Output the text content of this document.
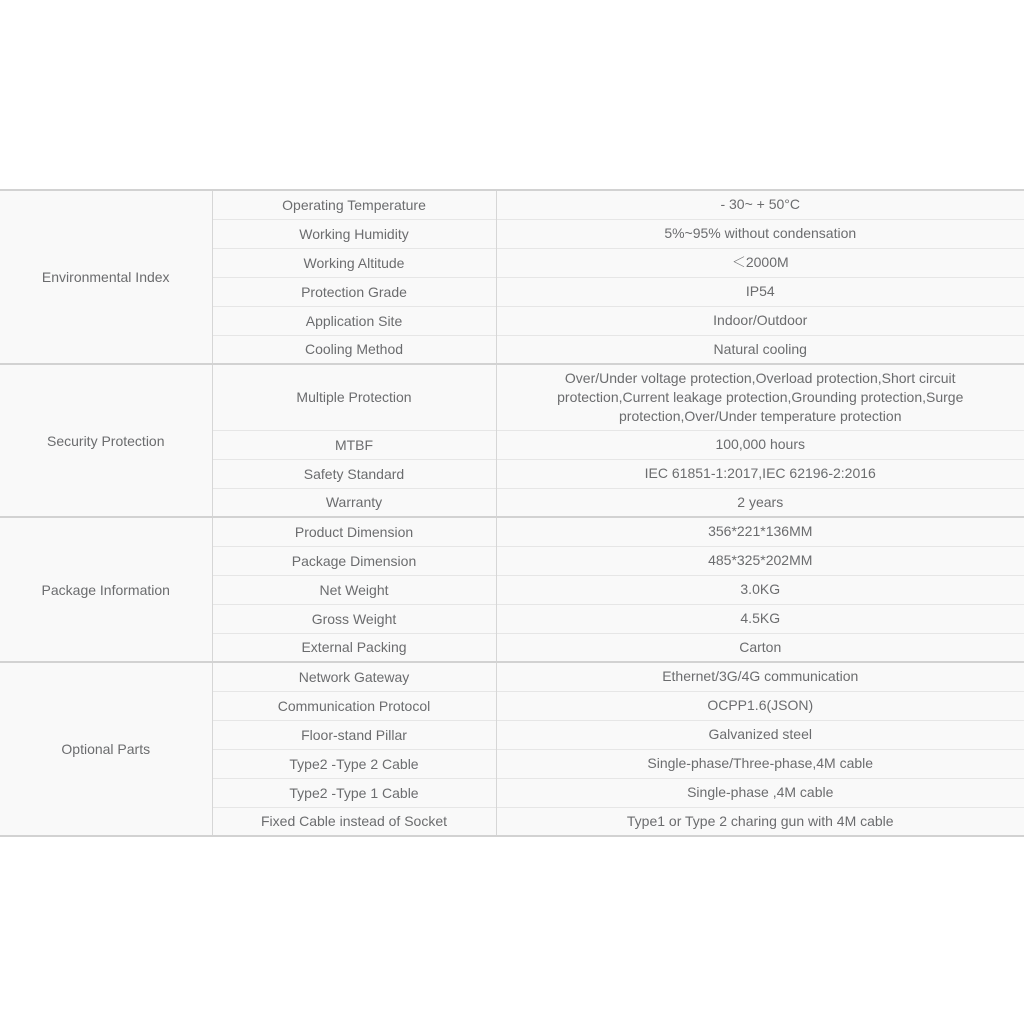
Environmental Index	Operating Temperature	- 30~ + 50°C

	Working Humidity	5%~95% without condensation

	Working Altitude	＜2000M

	Protection Grade	IP54

	Application Site	Indoor/Outdoor

	Cooling Method	Natural cooling

Security Protection	Multiple Protection	Over/Under voltage protection,Overload protection,Short circuit protection,Current leakage protection,Grounding protection,Surge protection,Over/Under temperature protection

	MTBF	100,000 hours

	Safety Standard	IEC 61851-1:2017,IEC 62196-2:2016

	Warranty	2 years

Package Information	Product Dimension	356*221*136MM

	Package Dimension	485*325*202MM

	Net Weight	3.0KG

	Gross Weight	4.5KG

	External Packing	Carton

Optional Parts	Network Gateway	Ethernet/3G/4G communication

	Communication Protocol	OCPP1.6(JSON)

	Floor-stand Pillar	Galvanized steel

	Type2 -Type 2 Cable	Single-phase/Three-phase,4M cable

	Type2 -Type 1 Cable	Single-phase ,4M cable

	Fixed Cable instead of Socket	Type1 or Type 2 charing gun with 4M cable
